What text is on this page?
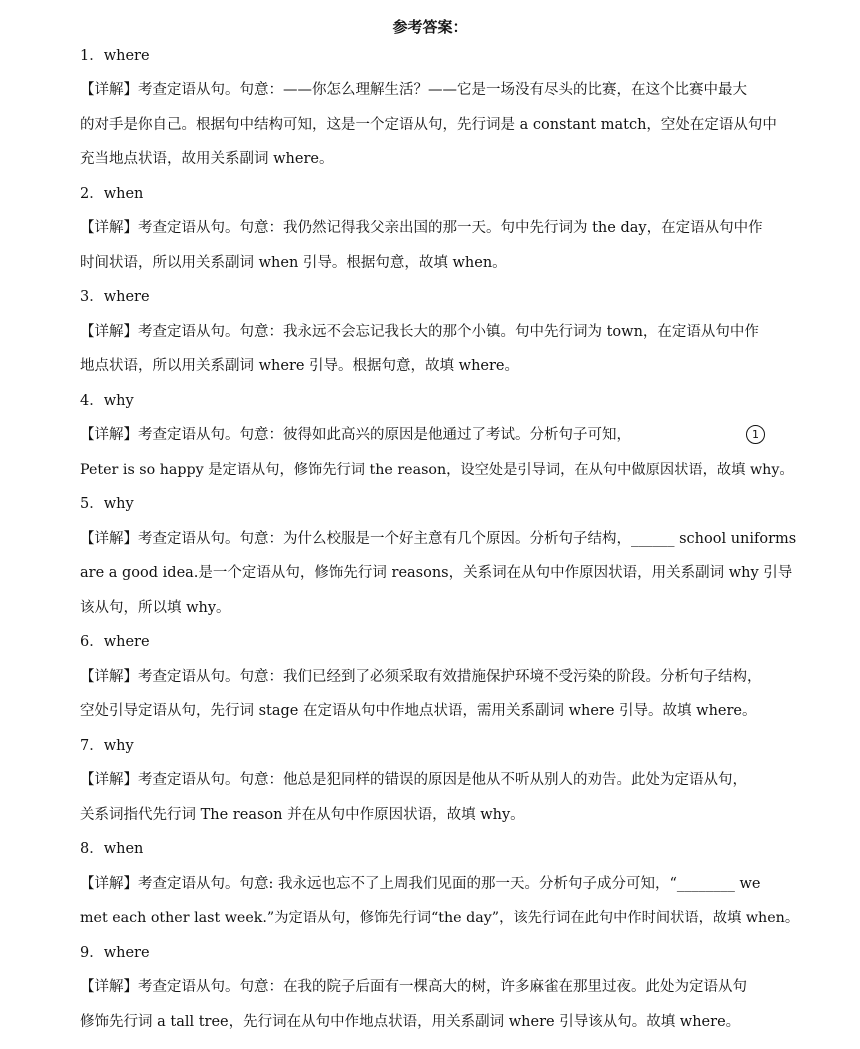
参考答案：
1．where
【详解】考查定语从句。句意：——你怎么理解生活？——它是一场没有尽头的比赛，在这个比赛中最大
的对手是你自己。根据句中结构可知，这是一个定语从句，先行词是 a constant match，空处在定语从句中
充当地点状语，故用关系副词 where。
2．when
【详解】考查定语从句。句意：我仍然记得我父亲出国的那一天。句中先行词为 the day，在定语从句中作
时间状语，所以用关系副词 when 引导。根据句意，故填 when。
3．where
【详解】考查定语从句。句意：我永远不会忘记我长大的那个小镇。句中先行词为 town，在定语从句中作
地点状语，所以用关系副词 where 引导。根据句意，故填 where。
4．why
【详解】考查定语从句。句意：彼得如此高兴的原因是他通过了考试。分析句子可知，	1
Peter is so happy 是定语从句，修饰先行词 the reason，设空处是引导词，在从句中做原因状语，故填 why。
5．why
【详解】考查定语从句。句意：为什么校服是一个好主意有几个原因。分析句子结构，______ school uniforms
are a good idea.是一个定语从句，修饰先行词 reasons，关系词在从句中作原因状语，用关系副词 why 引导
该从句，所以填 why。
6．where
【详解】考查定语从句。句意：我们已经到了必须采取有效措施保护环境不受污染的阶段。分析句子结构，
空处引导定语从句，先行词 stage 在定语从句中作地点状语，需用关系副词 where 引导。故填 where。
7．why
【详解】考查定语从句。句意：他总是犯同样的错误的原因是他从不听从别人的劝告。此处为定语从句，
关系词指代先行词 The reason 并在从句中作原因状语，故填 why。
8．when
【详解】考查定语从句。句意: 我永远也忘不了上周我们见面的那一天。分析句子成分可知，“________ we
met each other last week.”为定语从句，修饰先行词“the day”，该先行词在此句中作时间状语，故填 when。
9．where
【详解】考查定语从句。句意：在我的院子后面有一棵高大的树，许多麻雀在那里过夜。此处为定语从句
修饰先行词 a tall tree，先行词在从句中作地点状语，用关系副词 where 引导该从句。故填 where。
